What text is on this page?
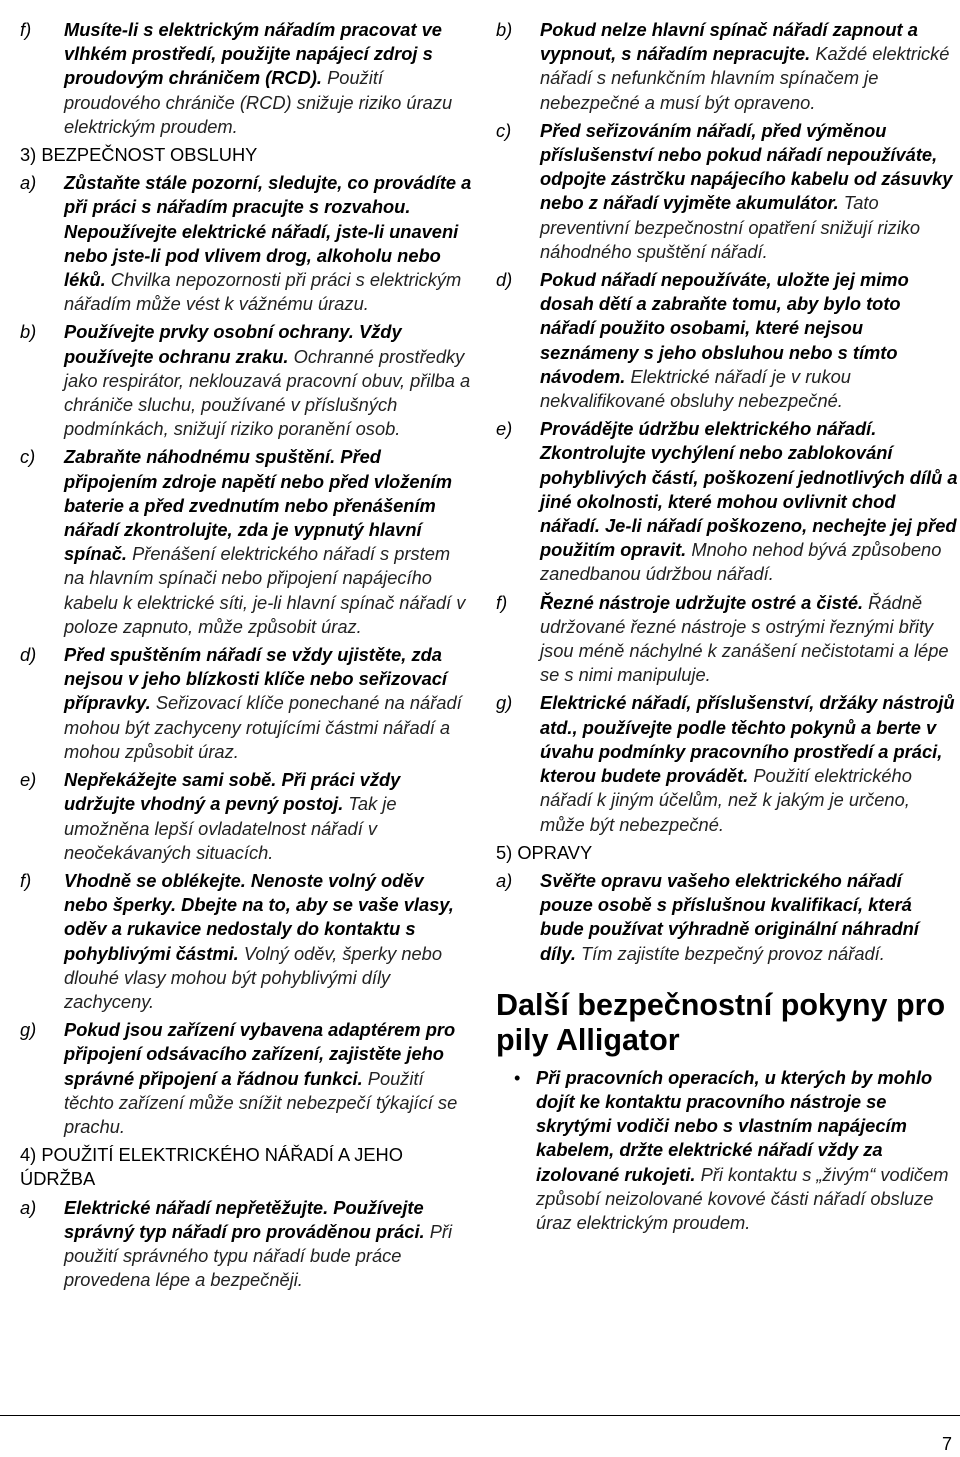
f) Musíte-li s elektrickým nářadím pracovat ve vlhkém prostředí, použijte napájecí zdroj s proudovým chráničem (RCD). Použití proudového chrániče (RCD) snižuje riziko úrazu elektrickým proudem.
3) BEZPEČNOST OBSLUHY
a) Zůstaňte stále pozorní, sledujte, co provádíte a při práci s nářadím pracujte s rozvahou. Nepoužívejte elektrické nářadí, jste-li unaveni nebo jste-li pod vlivem drog, alkoholu nebo léků. Chvilka nepozornosti při práci s elektrickým nářadím může vést k vážnému úrazu.
b) Používejte prvky osobní ochrany. Vždy používejte ochranu zraku. Ochranné prostředky jako respirátor, neklouzavá pracovní obuv, přilba a chrániče sluchu, používané v příslušných podmínkách, snižují riziko poranění osob.
c) Zabraňte náhodnému spuštění. Před připojením zdroje napětí nebo před vložením baterie a před zvednutím nebo přenášením nářadí zkontrolujte, zda je vypnutý hlavní spínač. Přenášení elektrického nářadí s prstem na hlavním spínači nebo připojení napájecího kabelu k elektrické síti, je-li hlavní spínač nářadí v poloze zapnuto, může způsobit úraz.
d) Před spuštěním nářadí se vždy ujistěte, zda nejsou v jeho blízkosti klíče nebo seřizovací přípravky. Seřizovací klíče ponechané na nářadí mohou být zachyceny rotujícími částmi nářadí a mohou způsobit úraz.
e) Nepřekážejte sami sobě. Při práci vždy udržujte vhodný a pevný postoj. Tak je umožněna lepší ovladatelnost nářadí v neočekávaných situacích.
f) Vhodně se oblékejte. Nenoste volný oděv nebo šperky. Dbejte na to, aby se vaše vlasy, oděv a rukavice nedostaly do kontaktu s pohyblivými částmi. Volný oděv, šperky nebo dlouhé vlasy mohou být pohyblivými díly zachyceny.
g) Pokud jsou zařízení vybavena adaptérem pro připojení odsávacího zařízení, zajistěte jeho správné připojení a řádnou funkci. Použití těchto zařízení může snížit nebezpečí týkající se prachu.
4) POUŽITÍ ELEKTRICKÉHO NÁŘADÍ A JEHO ÚDRŽBA
a) Elektrické nářadí nepřetěžujte. Používejte správný typ nářadí pro prováděnou práci. Při použití správného typu nářadí bude práce provedena lépe a bezpečněji.
b) Pokud nelze hlavní spínač nářadí zapnout a vypnout, s nářadím nepracujte. Každé elektrické nářadí s nefunkčním hlavním spínačem je nebezpečné a musí být opraveno.
c) Před seřizováním nářadí, před výměnou příslušenství nebo pokud nářadí nepoužíváte, odpojte zástrčku napájecího kabelu od zásuvky nebo z nářadí vyjměte akumulátor. Tato preventivní bezpečnostní opatření snižují riziko náhodného spuštění nářadí.
d) Pokud nářadí nepoužíváte, uložte jej mimo dosah dětí a zabraňte tomu, aby bylo toto nářadí použito osobami, které nejsou seznámeny s jeho obsluhou nebo s tímto návodem. Elektrické nářadí je v rukou nekvalifikované obsluhy nebezpečné.
e) Provádějte údržbu elektrického nářadí. Zkontrolujte vychýlení nebo zablokování pohyblivých částí, poškození jednotlivých dílů a jiné okolnosti, které mohou ovlivnit chod nářadí. Je-li nářadí poškozeno, nechejte jej před použitím opravit. Mnoho nehod bývá způsobeno zanedbanou údržbou nářadí.
f) Řezné nástroje udržujte ostré a čisté. Řádně udržované řezné nástroje s ostrými řeznými břity jsou méně náchylné k zanášení nečistotami a lépe se s nimi manipuluje.
g) Elektrické nářadí, příslušenství, držáky nástrojů atd., používejte podle těchto pokynů a berte v úvahu podmínky pracovního prostředí a práci, kterou budete provádět. Použití elektrického nářadí k jiným účelům, než k jakým je určeno, může být nebezpečné.
5) OPRAVY
a) Svěřte opravu vašeho elektrického nářadí pouze osobě s příslušnou kvalifikací, která bude používat výhradně originální náhradní díly. Tím zajistíte bezpečný provoz nářadí.
Další bezpečnostní pokyny pro pily Alligator
• Při pracovních operacích, u kterých by mohlo dojít ke kontaktu pracovního nástroje se skrytými vodiči nebo s vlastním napájecím kabelem, držte elektrické nářadí vždy za izolované rukojeti. Při kontaktu s „živým“ vodičem způsobí neizolované kovové části nářadí obsluze úraz elektrickým proudem.
7
